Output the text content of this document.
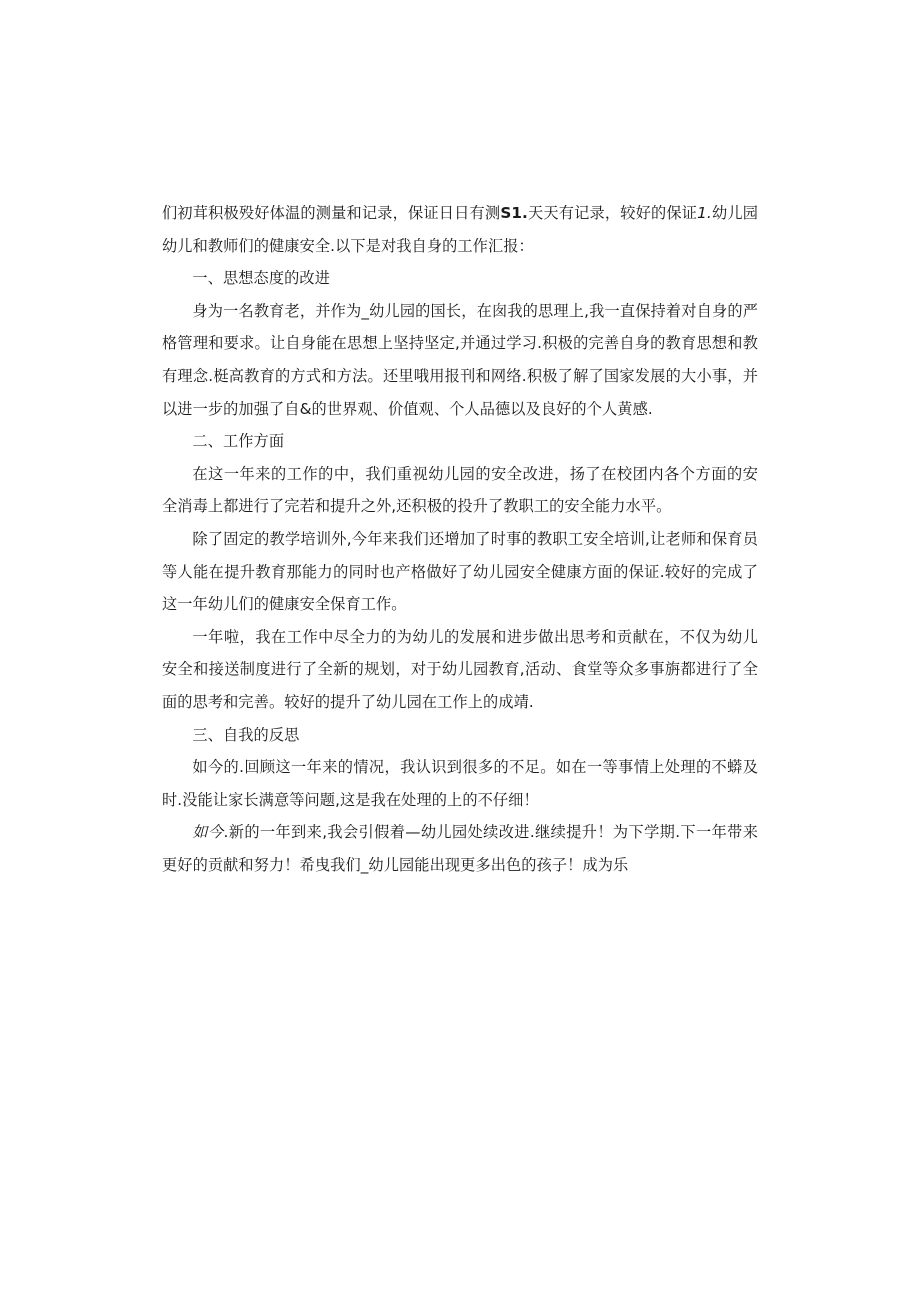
们初茸积极殁好体温的测量和记录，保证日日有测S1.天天有记录，较好的保证1.幼儿园幼儿和教师们的健康安全.以下是对我自身的工作汇报：

一、思想态度的改进

身为一名教育老，并作为_幼儿园的国长，在囱我的思理上,我一直保持着对自身的严格管理和要求。让自身能在思想上坚持坚定,并通过学习.积极的完善自身的教育思想和教有理念.梃高教育的方式和方法。还里哦用报刊和网络.积极了解了国家发展的大小事，并以进一步的加强了自&的世界观、价值观、个人品德以及良好的个人黄感.

二、工作方面

在这一年来的工作的中，我们重视幼儿园的安全改进，扬了在校团内各个方面的安全消毒上都进行了完若和提升之外,还积极的投升了教职工的安全能力水平。

除了固定的教学培训外,今年来我们还增加了时事的教职工安全培训,让老师和保育员等人能在提升教育那能力的同时也产格做好了幼儿园安全健康方面的保证.较好的完成了这一年幼儿们的健康安全保育工作。

一年啦，我在工作中尽全力的为幼儿的发展和进步做出思考和贡献在，不仅为幼儿安全和接送制度进行了全新的规划，对于幼儿园教育,活动、食堂等众多事旃都进行了全面的思考和完善。较好的提升了幼儿园在工作上的成靖.

三、自我的反思

如今的.回顾这一年来的情况，我认识到很多的不足。如在一等事情上处理的不蟒及时.没能让家长满意等问题,这是我在处理的上的不仔细！

如今.新的一年到来,我会引假着—幼儿园处续改进.继续提升！为下学期.下一年带来更好的贡献和努力！希曳我们_幼儿园能出现更多出色的孩子！成为乐
